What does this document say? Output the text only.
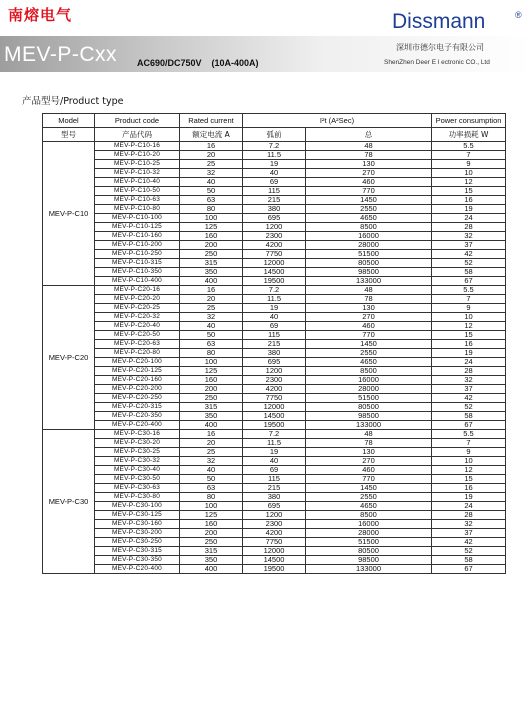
南熔电气	Dissmann	®
MEV-P-Cxx AC690/DC750V    (10A-400A)
深圳市德尔电子有限公司
ShenZhen Deer E l ectronic CO., Ltd
产品型号/Product type
Model	Product code	Rated current	I²t (A²Sec)		Power consumption
型号	产品代码	额定电流 A	弧前	总	功率损耗 W
MEV-P-C10	MEV-P-C10-16	16	7.2	48	5.5
	MEV-P-C10-20	20	11.5	78	7
	MEV-P-C10-25	25	19	130	9
	MEV-P-C10-32	32	40	270	10
	MEV-P-C10-40	40	69	460	12
	MEV-P-C10-50	50	115	770	15
	MEV-P-C10-63	63	215	1450	16
	MEV-P-C10-80	80	380	2550	19
	MEV-P-C10-100	100	695	4650	24
	MEV-P-C10-125	125	1200	8500	28
	MEV-P-C10-160	160	2300	16000	32
	MEV-P-C10-200	200	4200	28000	37
	MEV-P-C10-250	250	7750	51500	42
	MEV-P-C10-315	315	12000	80500	52
	MEV-P-C10-350	350	14500	98500	58
	MEV-P-C10-400	400	19500	133000	67
MEV-P-C20	MEV-P-C20-16	16	7.2	48	5.5
	MEV-P-C20-20	20	11.5	78	7
	MEV-P-C20-25	25	19	130	9
	MEV-P-C20-32	32	40	270	10
	MEV-P-C20-40	40	69	460	12
	MEV-P-C20-50	50	115	770	15
	MEV-P-C20-63	63	215	1450	16
	MEV-P-C20-80	80	380	2550	19
	MEV-P-C20-100	100	695	4650	24
	MEV-P-C20-125	125	1200	8500	28
	MEV-P-C20-160	160	2300	16000	32
	MEV-P-C20-200	200	4200	28000	37
	MEV-P-C20-250	250	7750	51500	42
	MEV-P-C20-315	315	12000	80500	52
	MEV-P-C20-350	350	14500	98500	58
	MEV-P-C20-400	400	19500	133000	67
MEV-P-C30	MEV-P-C30-16	16	7.2	48	5.5
	MEV-P-C30-20	20	11.5	78	7
	MEV-P-C30-25	25	19	130	9
	MEV-P-C30-32	32	40	270	10
	MEV-P-C30-40	40	69	460	12
	MEV-P-C30-50	50	115	770	15
	MEV-P-C30-63	63	215	1450	16
	MEV-P-C30-80	80	380	2550	19
	MEV-P-C30-100	100	695	4650	24
	MEV-P-C30-125	125	1200	8500	28
	MEV-P-C30-160	160	2300	16000	32
	MEV-P-C30-200	200	4200	28000	37
	MEV-P-C30-250	250	7750	51500	42
	MEV-P-C30-315	315	12000	80500	52
	MEV-P-C30-350	350	14500	98500	58
	MEV-P-C20-400	400	19500	133000	67
